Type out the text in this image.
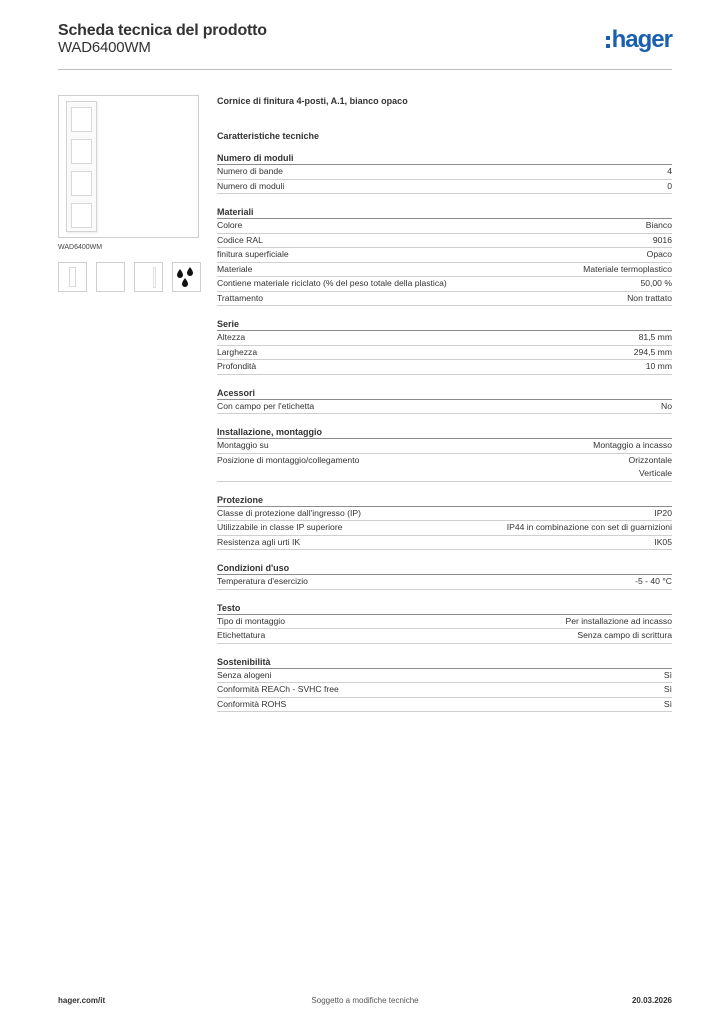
Scheda tecnica del prodotto
WAD6400WM	hager
WAD6400WM
Cornice di finitura 4-posti, A.1, bianco opaco
Caratteristiche tecniche
Numero di moduli
Numero di bande	4
Numero di moduli	0
Materiali
Colore	Bianco
Codice RAL	9016
finitura superficiale	Opaco
Materiale	Materiale termoplastico
Contiene materiale riciclato (% del peso totale della plastica)	50,00 %
Trattamento	Non trattato
Serie
Altezza	81,5 mm
Larghezza	294,5 mm
Profondità	10 mm
Acessori
Con campo per l'etichetta	No
Installazione, montaggio
Montaggio su	Montaggio a incasso
Posizione di montaggio/collegamento	Orizzontale
Verticale
Protezione
Classe di protezione dall'ingresso (IP)	IP20
Utilizzabile in classe IP superiore	IP44 in combinazione con set di guarnizioni
Resistenza agli urti IK	IK05
Condizioni d'uso
Temperatura d'esercizio	-5 - 40 °C
Testo
Tipo di montaggio	Per installazione ad incasso
Etichettatura	Senza campo di scrittura
Sostenibilità
Senza alogeni	Sì
Conformità REACh - SVHC free	Sì
Conformità ROHS	Sì
Soggetto a modifiche tecniche
hager.com/it	20.03.2026
